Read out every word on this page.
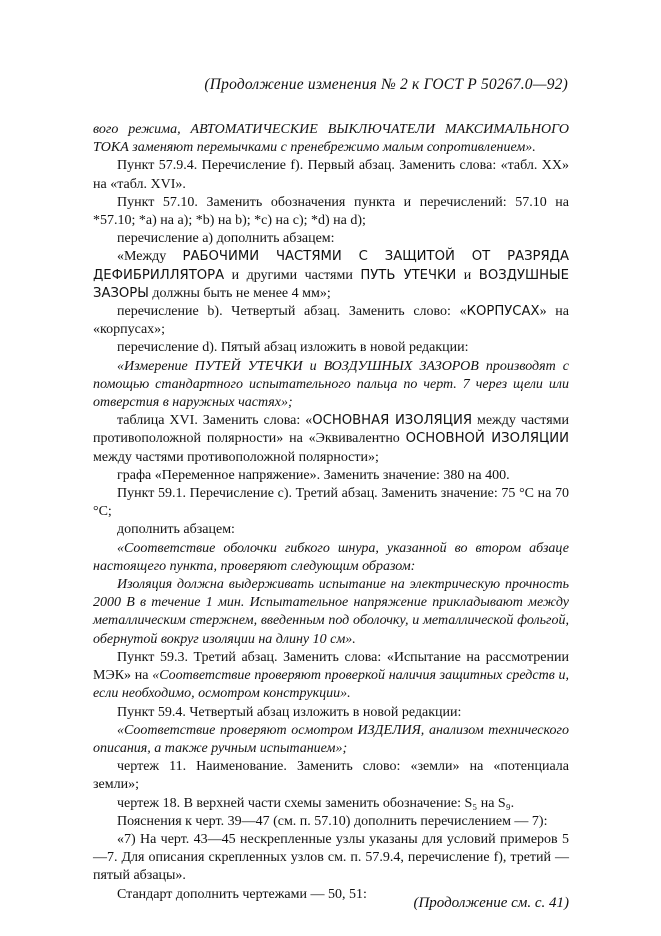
(Продолжение изменения № 2 к ГОСТ Р 50267.0—92)

вого режима, АВТОМАТИЧЕСКИЕ ВЫКЛЮЧАТЕЛИ МАКСИМАЛЬНОГО ТОКА заменяют перемычками с пренебрежимо малым сопротивлением».

Пункт 57.9.4. Перечисление f). Первый абзац. Заменить слова: «табл. XX» на «табл. XVI».

Пункт 57.10. Заменить обозначения пункта и перечислений: 57.10 на *57.10; *a) на a); *b) на b); *c) на c); *d) на d);

перечисление a) дополнить абзацем:

«Между РАБОЧИМИ ЧАСТЯМИ С ЗАЩИТОЙ ОТ РАЗРЯДА ДЕФИБРИЛЛЯТОРА и другими частями ПУТЬ УТЕЧКИ и ВОЗДУШНЫЕ ЗАЗОРЫ должны быть не менее 4 мм»;

перечисление b). Четвертый абзац. Заменить слово: «КОРПУСАХ» на «корпусах»;

перечисление d). Пятый абзац изложить в новой редакции:

«Измерение ПУТЕЙ УТЕЧКИ и ВОЗДУШНЫХ ЗАЗОРОВ производят с помощью стандартного испытательного пальца по черт. 7 через щели или отверстия в наружных частях»;

таблица XVI. Заменить слова: «ОСНОВНАЯ ИЗОЛЯЦИЯ между частями противоположной полярности» на «Эквивалентно ОСНОВНОЙ ИЗОЛЯЦИИ между частями противоположной полярности»;

графа «Переменное напряжение». Заменить значение: 380 на 400.

Пункт 59.1. Перечисление c). Третий абзац. Заменить значение: 75 °C на 70 °C;

дополнить абзацем:

«Соответствие оболочки гибкого шнура, указанной во втором абзаце настоящего пункта, проверяют следующим образом:

Изоляция должна выдерживать испытание на электрическую прочность 2000 В в течение 1 мин. Испытательное напряжение прикладывают между металлическим стержнем, введенным под оболочку, и металлической фольгой, обернутой вокруг изоляции на длину 10 см».

Пункт 59.3. Третий абзац. Заменить слова: «Испытание на рассмотрении МЭК» на «Соответствие проверяют проверкой наличия защитных средств и, если необходимо, осмотром конструкции».

Пункт 59.4. Четвертый абзац изложить в новой редакции:

«Соответствие проверяют осмотром ИЗДЕЛИЯ, анализом технического описания, а также ручным испытанием»;

чертеж 11. Наименование. Заменить слово: «земли» на «потенциала земли»;

чертеж 18. В верхней части схемы заменить обозначение: S₅ на S₉.

Пояснения к черт. 39—47 (см. п. 57.10) дополнить перечислением — 7):

«7) На черт. 43—45 нескрепленные узлы указаны для условий примеров 5—7. Для описания скрепленных узлов см. п. 57.9.4, перечисление f), третий — пятый абзацы».

Стандарт дополнить чертежами — 50, 51:
(Продолжение см. с. 41)
